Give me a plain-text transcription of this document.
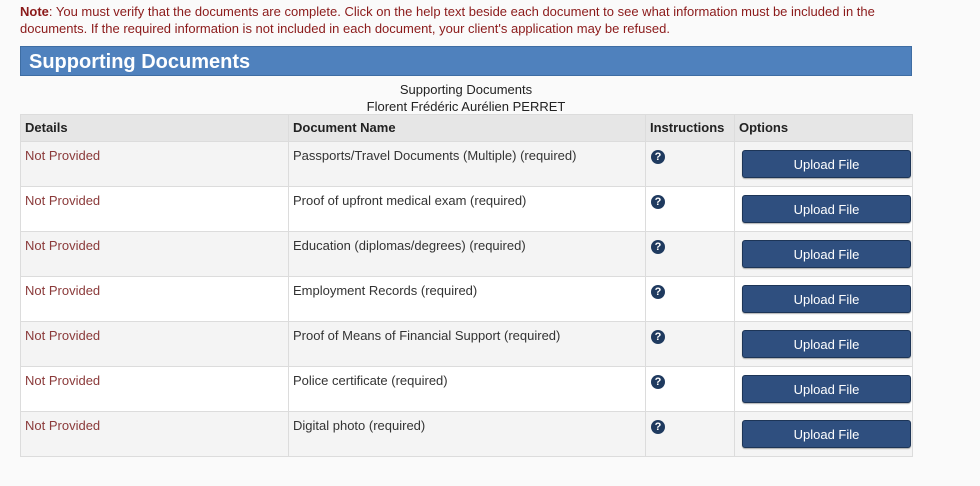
Note: You must verify that the documents are complete. Click on the help text beside each document to see what information must be included in the documents. If the required information is not included in each document, your client's application may be refused.
Supporting Documents
Supporting Documents
Florent Frédéric Aurélien PERRET
Details	Document Name	Instructions	Options
Not Provided	Passports/Travel Documents (Multiple) (required)	?	Upload File

Not Provided	Proof of upfront medical exam (required)	?	Upload File

Not Provided	Education (diplomas/degrees) (required)	?	Upload File

Not Provided	Employment Records (required)	?	Upload File

Not Provided	Proof of Means of Financial Support (required)	?	Upload File

Not Provided	Police certificate (required)	?	Upload File

Not Provided	Digital photo (required)	?	Upload File
